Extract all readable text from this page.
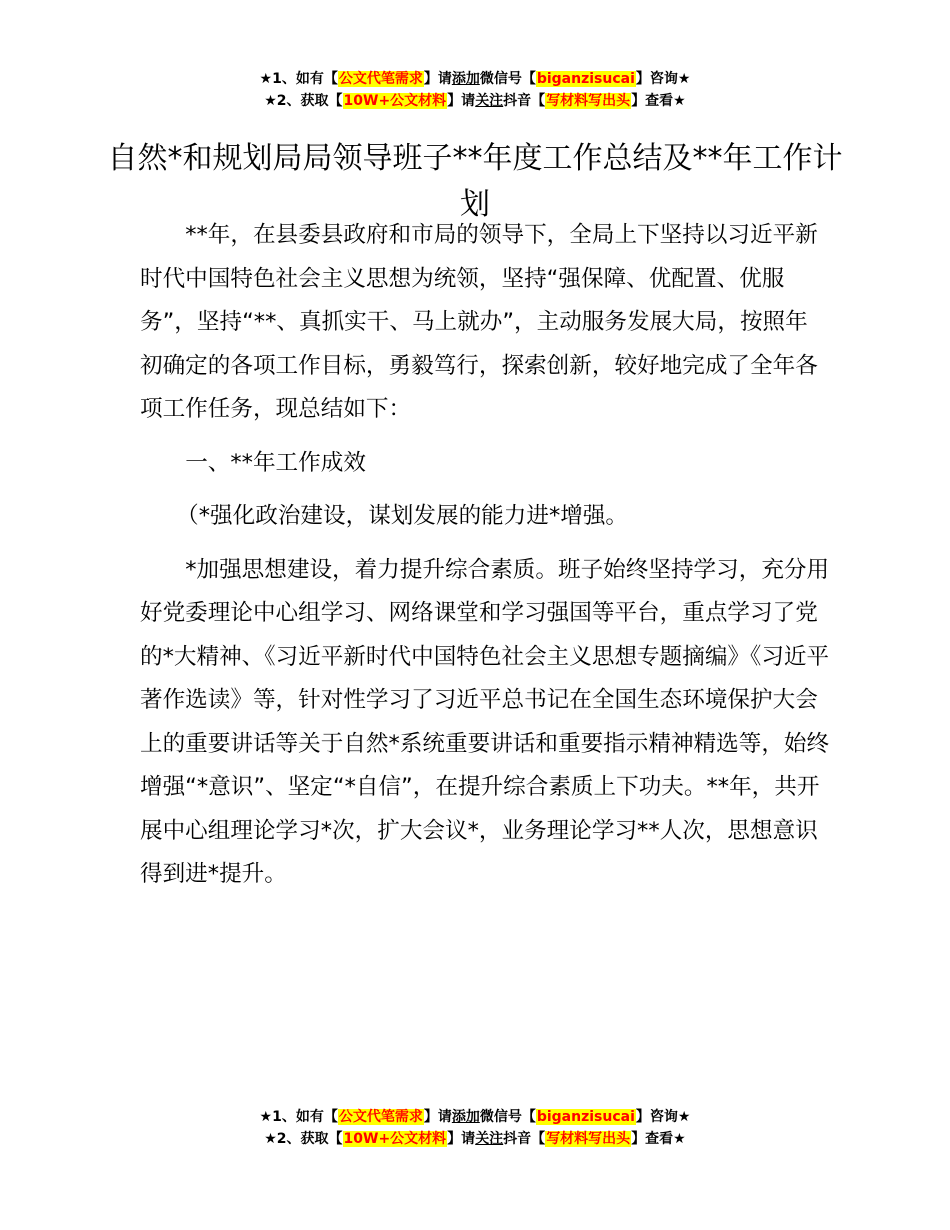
★1、如有【公文代笔需求】请添加微信号【biganzisucai】咨询★
★2、获取【10W+公文材料】请关注抖音【写材料写出头】查看★
自然*和规划局局领导班子**年度工作总结及**年工作计划

**年，在县委县政府和市局的领导下，全局上下坚持以习近平新时代中国特色社会主义思想为统领，坚持“强保障、优配置、优服务”，坚持“**、真抓实干、马上就办”，主动服务发展大局，按照年初确定的各项工作目标，勇毅笃行，探索创新，较好地完成了全年各项工作任务，现总结如下：

一、**年工作成效

（*强化政治建设，谋划发展的能力进*增强。

*加强思想建设，着力提升综合素质。班子始终坚持学习，充分用好党委理论中心组学习、网络课堂和学习强国等平台，重点学习了党的*大精神、《习近平新时代中国特色社会主义思想专题摘编》《习近平著作选读》等，针对性学习了习近平总书记在全国生态环境保护大会上的重要讲话等关于自然*系统重要讲话和重要指示精神精选等，始终增强“*意识”、坚定“*自信”，在提升综合素质上下功夫。**年，共开展中心组理论学习*次，扩大会议*，业务理论学习**人次，思想意识得到进*提升。

★1、如有【公文代笔需求】请添加微信号【biganzisucai】咨询★
★2、获取【10W+公文材料】请关注抖音【写材料写出头】查看★
